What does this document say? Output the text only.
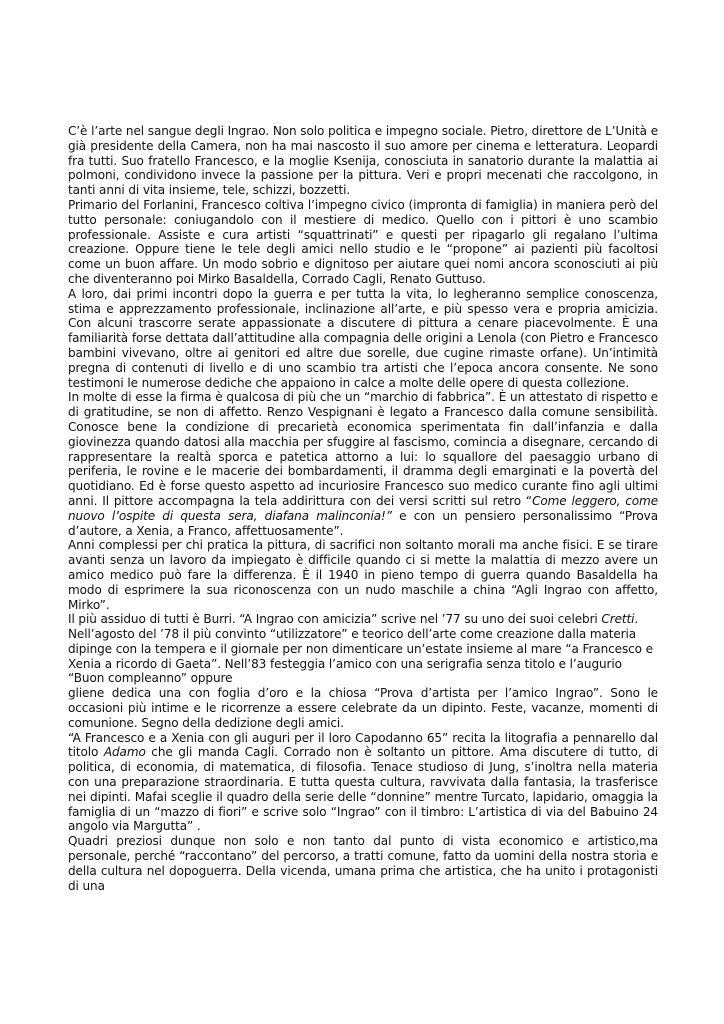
C’è l’arte nel sangue degli Ingrao. Non solo politica e impegno sociale. Pietro, direttore de L’Unità e già presidente della Camera, non ha mai nascosto il suo amore per cinema e letteratura. Leopardi fra tutti. Suo fratello Francesco, e la moglie Ksenija, conosciuta in sanatorio durante la malattia ai polmoni, condividono invece la passione per la pittura. Veri e propri mecenati che raccolgono, in tanti anni di vita insieme, tele, schizzi, bozzetti.

Primario del Forlanini, Francesco coltiva l’impegno civico (impronta di famiglia) in maniera però del tutto personale: coniugandolo con il mestiere di medico. Quello con i pittori è uno scambio professionale. Assiste e cura artisti “squattrinati” e questi per ripagarlo gli regalano l’ultima creazione. Oppure tiene le tele degli amici nello studio e le “propone” ai pazienti più facoltosi come un buon affare. Un modo sobrio e dignitoso per aiutare quei nomi ancora sconosciuti ai più che diventeranno poi Mirko Basaldella, Corrado Cagli, Renato Guttuso.

A loro, dai primi incontri dopo la guerra e per tutta la vita, lo legheranno semplice conoscenza, stima e apprezzamento professionale, inclinazione all’arte, e più spesso vera e propria amicizia. Con alcuni trascorre serate appassionate a discutere di pittura a cenare piacevolmente. È una familiarità forse dettata dall’attitudine alla compagnia delle origini a Lenola (con Pietro e Francesco bambini vivevano, oltre ai genitori ed altre due sorelle, due cugine rimaste orfane). Un’intimità pregna di contenuti di livello e di uno scambio tra artisti che l’epoca ancora consente. Ne sono testimoni le numerose dediche che appaiono in calce a molte delle opere di questa collezione.

In molte di esse la firma è qualcosa di più che un “marchio di fabbrica”. È un attestato di rispetto e di gratitudine, se non di affetto. Renzo Vespignani è legato a Francesco dalla comune sensibilità. Conosce bene la condizione di precarietà economica sperimentata fin dall’infanzia e dalla giovinezza quando datosi alla macchia per sfuggire al fascismo, comincia a disegnare, cercando di rappresentare la realtà sporca e patetica attorno a lui: lo squallore del paesaggio urbano di periferia, le rovine e le macerie dei bombardamenti, il dramma degli emarginati e la povertà del quotidiano. Ed è forse questo aspetto ad incuriosire Francesco suo medico curante fino agli ultimi anni. Il pittore accompagna la tela addirittura con dei versi scritti sul retro “Come leggero, come nuovo l’ospite di questa sera, diafana malinconia!” e con un pensiero personalissimo “Prova d’autore, a Xenia, a Franco, affettuosamente”.

Anni complessi per chi pratica la pittura, di sacrifici non soltanto morali ma anche fisici. E se tirare avanti senza un lavoro da impiegato è difficile quando ci si mette la malattia di mezzo avere un amico medico può fare la differenza. È il 1940 in pieno tempo di guerra quando Basaldella ha modo di esprimere la sua riconoscenza con un nudo maschile a china “Agli Ingrao con affetto, Mirko”.

Il più assiduo di tutti è Burri. “A Ingrao con amicizia” scrive nel ’77 su uno dei suoi celebri Cretti. Nell’agosto del ’78 il più convinto “utilizzatore” e teorico dell’arte come creazione dalla materia dipinge con la tempera e il giornale per non dimenticare un’estate insieme al mare “a Francesco e Xenia a ricordo di Gaeta”. Nell’83 festeggia l’amico con una serigrafia senza titolo e l’augurio “Buon compleanno” oppure

gliene dedica una con foglia d’oro e la chiosa “Prova d’artista per l’amico Ingrao”. Sono le occasioni più intime e le ricorrenze a essere celebrate da un dipinto. Feste, vacanze, momenti di comunione. Segno della dedizione degli amici.

“A Francesco e a Xenia con gli auguri per il loro Capodanno 65” recita la litografia a pennarello dal titolo Adamo che gli manda Cagli. Corrado non è soltanto un pittore. Ama discutere di tutto, di politica, di economia, di matematica, di filosofia. Tenace studioso di Jung, s’inoltra nella materia con una preparazione straordinaria. E tutta questa cultura, ravvivata dalla fantasia, la trasferisce nei dipinti. Mafai sceglie il quadro della serie delle “donnine” mentre Turcato, lapidario, omaggia la famiglia di un “mazzo di fiori” e scrive solo “Ingrao” con il timbro: L’artistica di via del Babuino 24 angolo via Margutta” .

Quadri preziosi dunque non solo e non tanto dal punto di vista economico e artistico,ma personale, perché “raccontano” del percorso, a tratti comune, fatto da uomini della nostra storia e della cultura nel dopoguerra. Della vicenda, umana prima che artistica, che ha unito i protagonisti di una
